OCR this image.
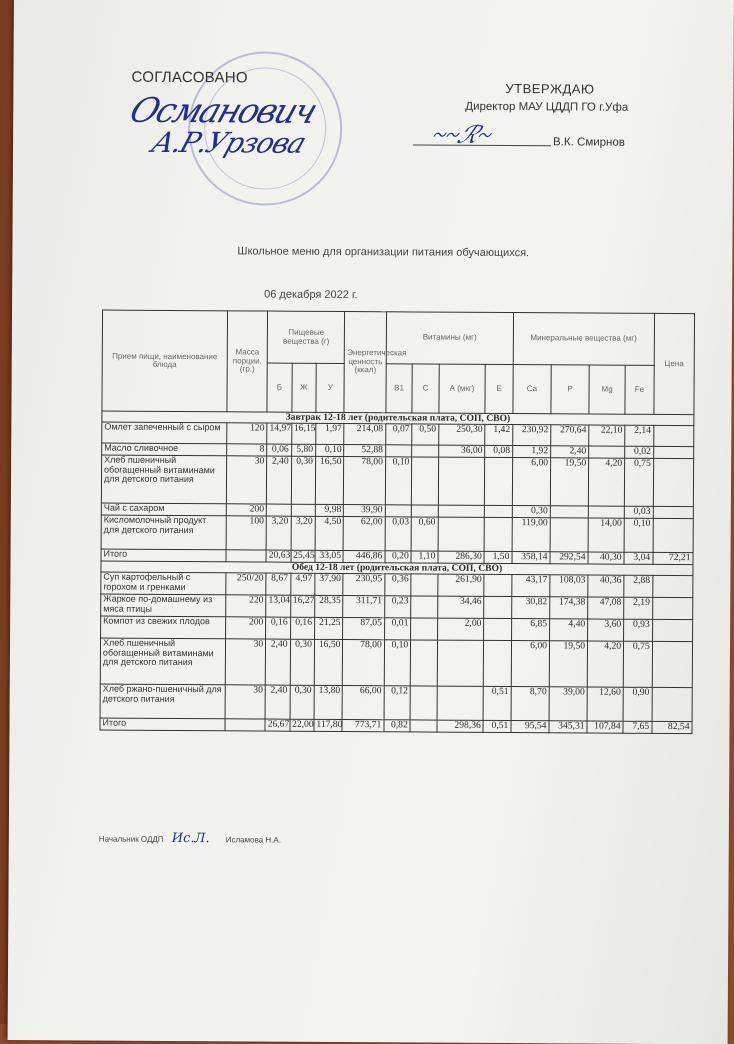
СОГЛАСОВАНО
Османович
А.Р.Урзова
УТВЕРЖДАЮ
Директор МАУ ЦДДП ГО г.Уфа
~~ℛ~	В.К. Смирнов
Школьное меню для организации питания обучающихся.
06 декабря 2022 г.
Прием пищи, наименование блюда	Масса порции, (гр.)	Пищевые вещества (г)			Энергетическая ценность (ккал)	Витамины (мг)				Минеральные вещества (мг)				Цена
		Б	Ж	У		В1	С	А (мкг)	Е	Са	Р	Mg	Fe	
Завтрак 12-18 лет (родительская плата, СОП, СВО)														
Омлет запеченный с сыром	120	14,97	16,15	1,97	214,08	0,07	0,50	250,30	1,42	230,92	270,64	22,10	2,14	
Масло сливочное	8	0,06	5,80	0,10	52,88			36,00	0,08	1,92	2,40		0,02	
Хлеб пшеничный обогащенный витаминами для детского питания	30	2,40	0,30	16,50	78,00	0,10				6,00	19,50	4,20	0,75	
Чай с сахаром	200			9,98	39,90					0,30			0,03	
Кисломолочный продукт для детского питания	100	3,20	3,20	4,50	62,00	0,03	0,60			119,00		14,00	0,10	
Итого		20,63	25,45	33,05	446,86	0,20	1,10	286,30	1,50	358,14	292,54	40,30	3,04	72,21
Обед 12-18 лет (родительская плата, СОП, СВО)														
Суп картофельный с горохом и гренками	250/20	8,67	4,97	37,90	230,95	0,36		261,90		43,17	108,03	40,36	2,88	
Жаркое по-домашнему из мяса птицы	220	13,04	16,27	28,35	311,71	0,23		34,46		30,82	174,38	47,08	2,19	
Компот из свежих плодов	200	0,16	0,16	21,25	87,05	0,01		2,00		6,85	4,40	3,60	0,93	
Хлеб пшеничный обогащенный витаминами для детского питания	30	2,40	0,30	16,50	78,00	0,10				6,00	19,50	4,20	0,75	
Хлеб ржано-пшеничный для детского питания	30	2,40	0,30	13,80	66,00	0,12			0,51	8,70	39,00	12,60	0,90	
Итого		26,67	22,00	117,80	773,71	0,82		298,36	0,51	95,54	345,31	107,84	7,65	82,54
Начальник ОДДП Ис.Л. Исламова Н.А.
